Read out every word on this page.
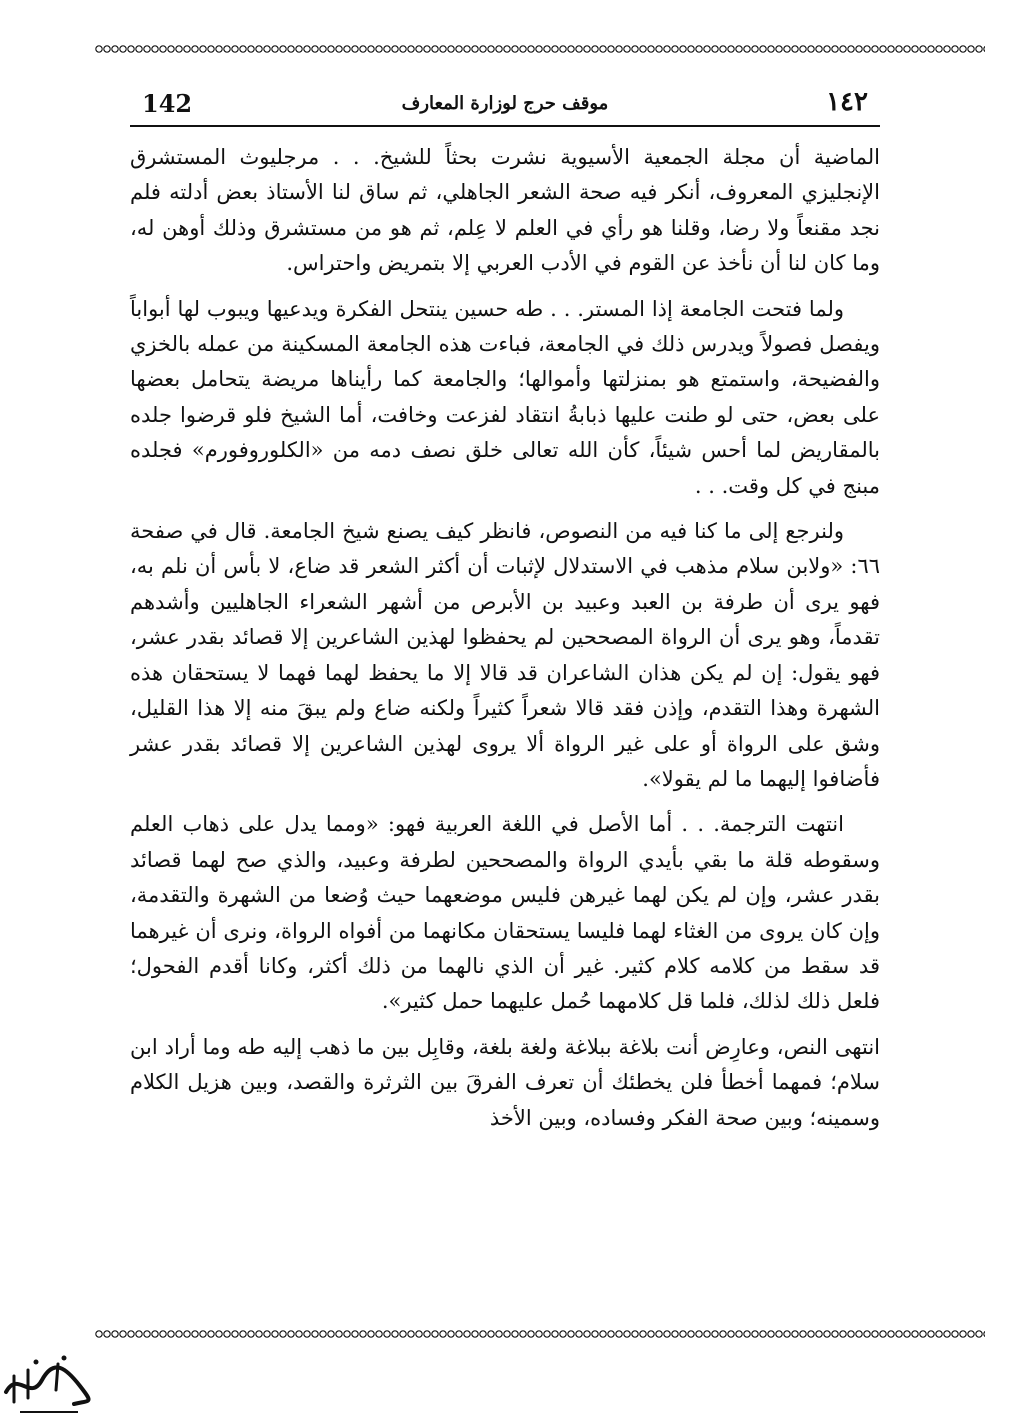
142	موقف حرج لوزارة المعارف	١٤٢

الماضية أن مجلة الجمعية الأسيوية نشرت بحثاً للشيخ. . . مرجليوث المستشرق الإنجليزي المعروف، أنكر فيه صحة الشعر الجاهلي، ثم ساق لنا الأستاذ بعض أدلته فلم نجد مقنعاً ولا رضا، وقلنا هو رأي في العلم لا عِلم، ثم هو من مستشرق وذلك أوهن له، وما كان لنا أن نأخذ عن القوم في الأدب العربي إلا بتمريض واحتراس.

ولما فتحت الجامعة إذا المستر. . . طه حسين ينتحل الفكرة ويدعيها ويبوب لها أبواباً ويفصل فصولاً ويدرس ذلك في الجامعة، فباءت هذه الجامعة المسكينة من عمله بالخزي والفضيحة، واستمتع هو بمنزلتها وأموالها؛ والجامعة كما رأيناها مريضة يتحامل بعضها على بعض، حتى لو طنت عليها ذبابةُ انتقاد لفزعت وخافت، أما الشيخ فلو قرضوا جلده بالمقاريض لما أحس شيئاً، كأن الله تعالى خلق نصف دمه من «الكلوروفورم» فجلده مبنج في كل وقت. . .

ولنرجع إلى ما كنا فيه من النصوص، فانظر كيف يصنع شيخ الجامعة. قال في صفحة ٦٦: «ولابن سلام مذهب في الاستدلال لإثبات أن أكثر الشعر قد ضاع، لا بأس أن نلم به، فهو يرى أن طرفة بن العبد وعبيد بن الأبرص من أشهر الشعراء الجاهليين وأشدهم تقدماً، وهو يرى أن الرواة المصححين لم يحفظوا لهذين الشاعرين إلا قصائد بقدر عشر، فهو يقول: إن لم يكن هذان الشاعران قد قالا إلا ما يحفظ لهما فهما لا يستحقان هذه الشهرة وهذا التقدم، وإذن فقد قالا شعراً كثيراً ولكنه ضاع ولم يبقَ منه إلا هذا القليل، وشق على الرواة أو على غير الرواة ألا يروى لهذين الشاعرين إلا قصائد بقدر عشر فأضافوا إليهما ما لم يقولا».

انتهت الترجمة. . . أما الأصل في اللغة العربية فهو: «ومما يدل على ذهاب العلم وسقوطه قلة ما بقي بأيدي الرواة والمصححين لطرفة وعبيد، والذي صح لهما قصائد بقدر عشر، وإن لم يكن لهما غيرهن فليس موضعهما حيث وُضعا من الشهرة والتقدمة، وإن كان يروى من الغثاء لهما فليسا يستحقان مكانهما من أفواه الرواة، ونرى أن غيرهما قد سقط من كلامه كلام كثير. غير أن الذي نالهما من ذلك أكثر، وكانا أقدم الفحول؛ فلعل ذلك لذلك، فلما قل كلامهما حُمل عليهما حمل كثير».

انتهى النص، وعارِض أنت بلاغة ببلاغة ولغة بلغة، وقابِل بين ما ذهب إليه طه وما أراد ابن سلام؛ فمهما أخطأ فلن يخطئك أن تعرف الفرقَ بين الثرثرة والقصد، وبين هزيل الكلام وسمينه؛ وبين صحة الفكر وفساده، وبين الأخذ
